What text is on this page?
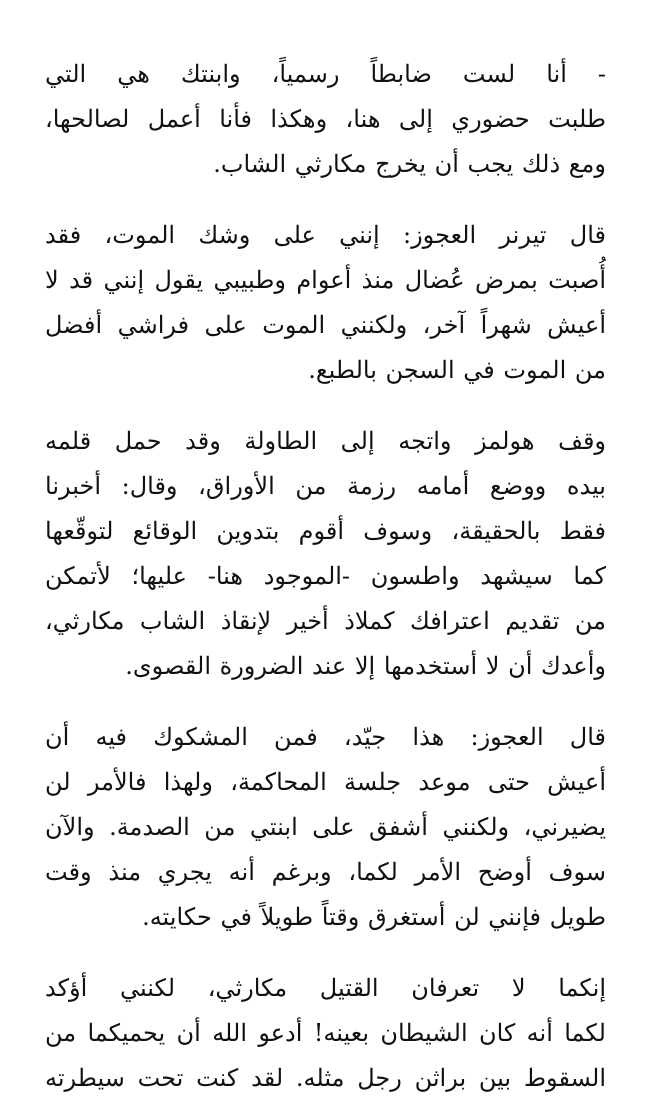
- أنا لست ضابطاً رسمياً، وابنتك هي التي
طلبت حضوري إلى هنا، وهكذا فأنا أعمل لصالحها،
ومع ذلك يجب أن يخرج مكارثي الشاب.
قال تيرنر العجوز: إنني على وشك الموت، فقد
أُصبت بمرض عُضال منذ أعوام وطبيبي يقول إنني قد لا
أعيش شهراً آخر، ولكنني الموت على فراشي أفضل
من الموت في السجن بالطبع.
وقف هولمز واتجه إلى الطاولة وقد حمل قلمه
بيده ووضع أمامه رزمة من الأوراق، وقال: أخبرنا
فقط بالحقيقة، وسوف أقوم بتدوين الوقائع لتوقّعها
كما سيشهد واطسون -الموجود هنا- عليها؛ لأتمكن
من تقديم اعترافك كملاذ أخير لإنقاذ الشاب مكارثي،
وأعدك أن لا أستخدمها إلا عند الضرورة القصوى.
قال العجوز: هذا جيّد، فمن المشكوك فيه أن
أعيش حتى موعد جلسة المحاكمة، ولهذا فالأمر لن
يضيرني، ولكنني أشفق على ابنتي من الصدمة. والآن
سوف أوضح الأمر لكما، وبرغم أنه يجري منذ وقت
طويل فإنني لن أستغرق وقتاً طويلاً في حكايته.
إنكما لا تعرفان القتيل مكارثي، لكنني أؤكد
لكما أنه كان الشيطان بعينه! أدعو الله أن يحميكما من
السقوط بين براثن رجل مثله. لقد كنت تحت سيطرته
